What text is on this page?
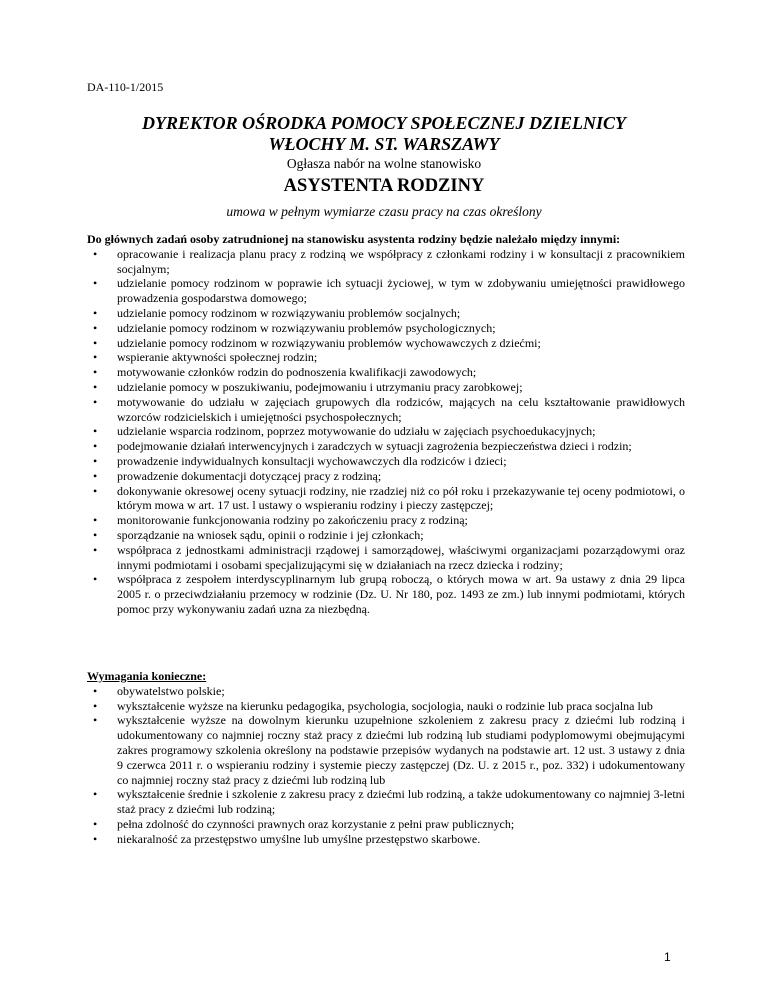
DA-110-1/2015
DYREKTOR OŚRODKA POMOCY SPOŁECZNEJ DZIELNICY
WŁOCHY M. ST. WARSZAWY
Ogłasza nabór na wolne stanowisko
ASYSTENTA RODZINY
umowa w pełnym wymiarze czasu pracy na czas określony

Do głównych zadań osoby zatrudnionej na stanowisku asystenta rodziny będzie należało między innymi:

• opracowanie i realizacja planu pracy z rodziną we współpracy z członkami rodziny i w konsultacji z pracownikiem socjalnym;
• udzielanie pomocy rodzinom w poprawie ich sytuacji życiowej, w tym w zdobywaniu umiejętności prawidłowego prowadzenia gospodarstwa domowego;
• udzielanie pomocy rodzinom w rozwiązywaniu problemów socjalnych;
• udzielanie pomocy rodzinom w rozwiązywaniu problemów psychologicznych;
• udzielanie pomocy rodzinom w rozwiązywaniu problemów wychowawczych z dziećmi;
• wspieranie aktywności społecznej rodzin;
• motywowanie członków rodzin do podnoszenia kwalifikacji zawodowych;
• udzielanie pomocy w poszukiwaniu, podejmowaniu i utrzymaniu pracy zarobkowej;
• motywowanie do udziału w zajęciach grupowych dla rodziców, mających na celu kształtowanie prawidłowych wzorców rodzicielskich i umiejętności psychospołecznych;
• udzielanie wsparcia rodzinom, poprzez motywowanie do udziału w zajęciach psychoedukacyjnych;
• podejmowanie działań interwencyjnych i zaradczych w sytuacji zagrożenia bezpieczeństwa dzieci i rodzin;
• prowadzenie indywidualnych konsultacji wychowawczych dla rodziców i dzieci;
• prowadzenie dokumentacji dotyczącej pracy z rodziną;
• dokonywanie okresowej oceny sytuacji rodziny, nie rzadziej niż co pół roku i przekazywanie tej oceny podmiotowi, o którym mowa w art. 17 ust. l ustawy o wspieraniu rodziny i pieczy zastępczej;
• monitorowanie funkcjonowania rodziny po zakończeniu pracy z rodziną;
• sporządzanie na wniosek sądu, opinii o rodzinie i jej członkach;
• współpraca z jednostkami administracji rządowej i samorządowej, właściwymi organizacjami pozarządowymi oraz innymi podmiotami i osobami specjalizującymi się w działaniach na rzecz dziecka i rodziny;
• współpraca z zespołem interdyscyplinarnym lub grupą roboczą, o których mowa w art. 9a ustawy z dnia 29 lipca 2005 r. o przeciwdziałaniu przemocy w rodzinie (Dz. U. Nr 180, poz. 1493 ze zm.) lub innymi podmiotami, których pomoc przy wykonywaniu zadań uzna za niezbędną.

Wymagania konieczne:

• obywatelstwo polskie;
• wykształcenie wyższe na kierunku pedagogika, psychologia, socjologia, nauki o rodzinie lub praca socjalna lub
• wykształcenie wyższe na dowolnym kierunku uzupełnione szkoleniem z zakresu pracy z dziećmi lub rodziną i udokumentowany co najmniej roczny staż pracy z dziećmi lub rodziną lub studiami podyplomowymi obejmującymi zakres programowy szkolenia określony na podstawie przepisów wydanych na podstawie art. 12 ust. 3 ustawy z dnia 9 czerwca 2011 r. o wspieraniu rodziny i systemie pieczy zastępczej (Dz. U. z 2015 r., poz. 332) i udokumentowany co najmniej roczny staż pracy z dziećmi lub rodziną lub
• wykształcenie średnie i szkolenie z zakresu pracy z dziećmi lub rodziną, a także udokumentowany co najmniej 3-letni staż pracy z dziećmi lub rodziną;
• pełna zdolność do czynności prawnych oraz korzystanie z pełni praw publicznych;
• niekaralność za przestępstwo umyślne lub umyślne przestępstwo skarbowe.
1
